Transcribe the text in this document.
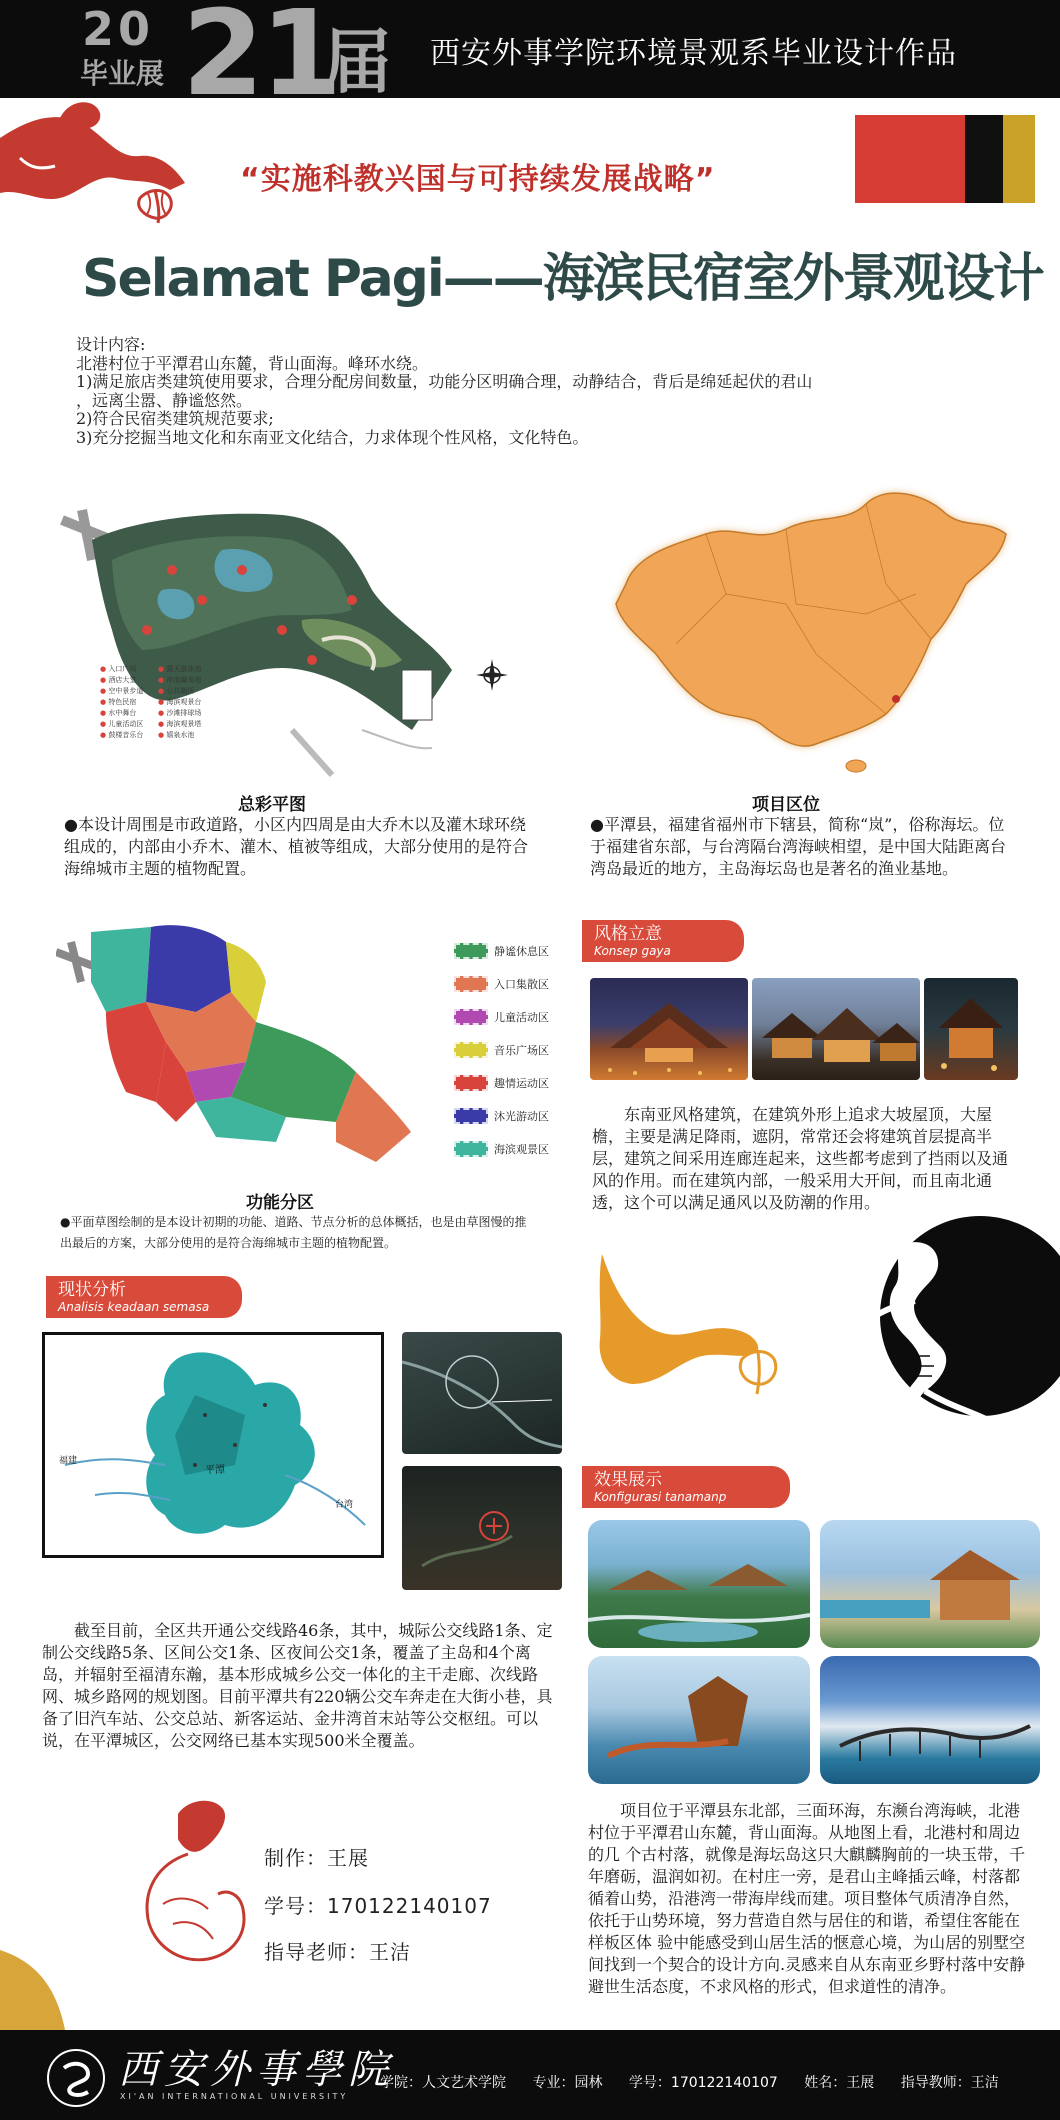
21
20
毕业展 届 西安外事学院环境景观系毕业设计作品
“实施科教兴国与可持续发展战略”
Selamat Pagi——海滨民宿室外景观设计

设计内容:

北港村位于平潭君山东麓，背山面海。峰环水绕。

1)满足旅店类建筑使用要求，合理分配房间数量，功能分区明确合理，动静结合，背后是绵延起伏的君山

，远离尘嚣、静谧悠然。

2)符合民宿类建筑规范要求;

3)充分挖掘当地文化和东南亚文化结合，力求体现个性风格，文化特色。

● 入口广场
● 酒店大堂
● 空中景步道
● 特色民宿
● 水中舞台
● 儿童活动区
● 鼓楼音乐台
● 露天游泳池
● 冲浪瀑布池
● 公共厕所
● 海滨观景台
● 沙滩排球场
● 海滨观景塔
● 嬉泉水池
总彩平图
●本设计周围是市政道路，小区内四周是由大乔木以及灌木球环绕组成的，内部由小乔木、灌木、植被等组成，大部分使用的是符合海绵城市主题的植物配置。
项目区位
●平潭县，福建省福州市下辖县，简称“岚”，俗称海坛。位于福建省东部，与台湾隔台湾海峡相望，是中国大陆距离台湾岛最近的地方，主岛海坛岛也是著名的渔业基地。
静谧休息区
入口集散区
儿童活动区
音乐广场区
趣情运动区
沐光游动区
海滨观景区
功能分区
●平面草图绘制的是本设计初期的功能、道路、节点分析的总体概括，也是由草图慢的推出最后的方案，大部分使用的是符合海绵城市主题的植物配置。
风格立意
Konsep gaya
东南亚风格建筑，在建筑外形上追求大坡屋顶，大屋檐，主要是满足降雨，遮阴，常常还会将建筑首层提高半层，建筑之间采用连廊连起来，这些都考虑到了挡雨以及通风的作用。而在建筑内部，一般采用大开间，而且南北通透，这个可以满足通风以及防潮的作用。
现状分析
Analisis keadaan semasa
平潭
福建
台湾
截至目前，全区共开通公交线路46条，其中，城际公交线路1条、定制公交线路5条、区间公交1条、区夜间公交1条，覆盖了主岛和4个离岛，并辐射至福清东瀚，基本形成城乡公交一体化的主干走廊、次线路网、城乡路网的规划图。目前平潭共有220辆公交车奔走在大街小巷，具备了旧汽车站、公交总站、新客运站、金井湾首末站等公交枢纽。可以说，在平潭城区，公交网络已基本实现500米全覆盖。
效果展示
Konfigurasi tanamanp
项目位于平潭县东北部，三面环海，东濒台湾海峡，北港村位于平潭君山东麓，背山面海。从地图上看，北港村和周边的几 个古村落，就像是海坛岛这只大麒麟胸前的一块玉带，千年磨砺，温润如初。在村庄一旁，是君山主峰插云峰，村落都循着山势，沿港湾一带海岸线而建。项目整体气质清净自然，依托于山势环境，努力营造自然与居住的和谐，希望住客能在样板区体 验中能感受到山居生活的惬意心境，为山居的别墅空间找到一个契合的设计方向.灵感来自从东南亚乡野村落中安静避世生活态度，不求风格的形式，但求道性的清净。
制作：王展
学号：170122140107
指导老师：王洁
西安外事學院
XI'AN INTERNATIONAL UNIVERSITY
学院：人文艺术学院 专业：园林 学号：170122140107 姓名：王展 指导教师：王洁
